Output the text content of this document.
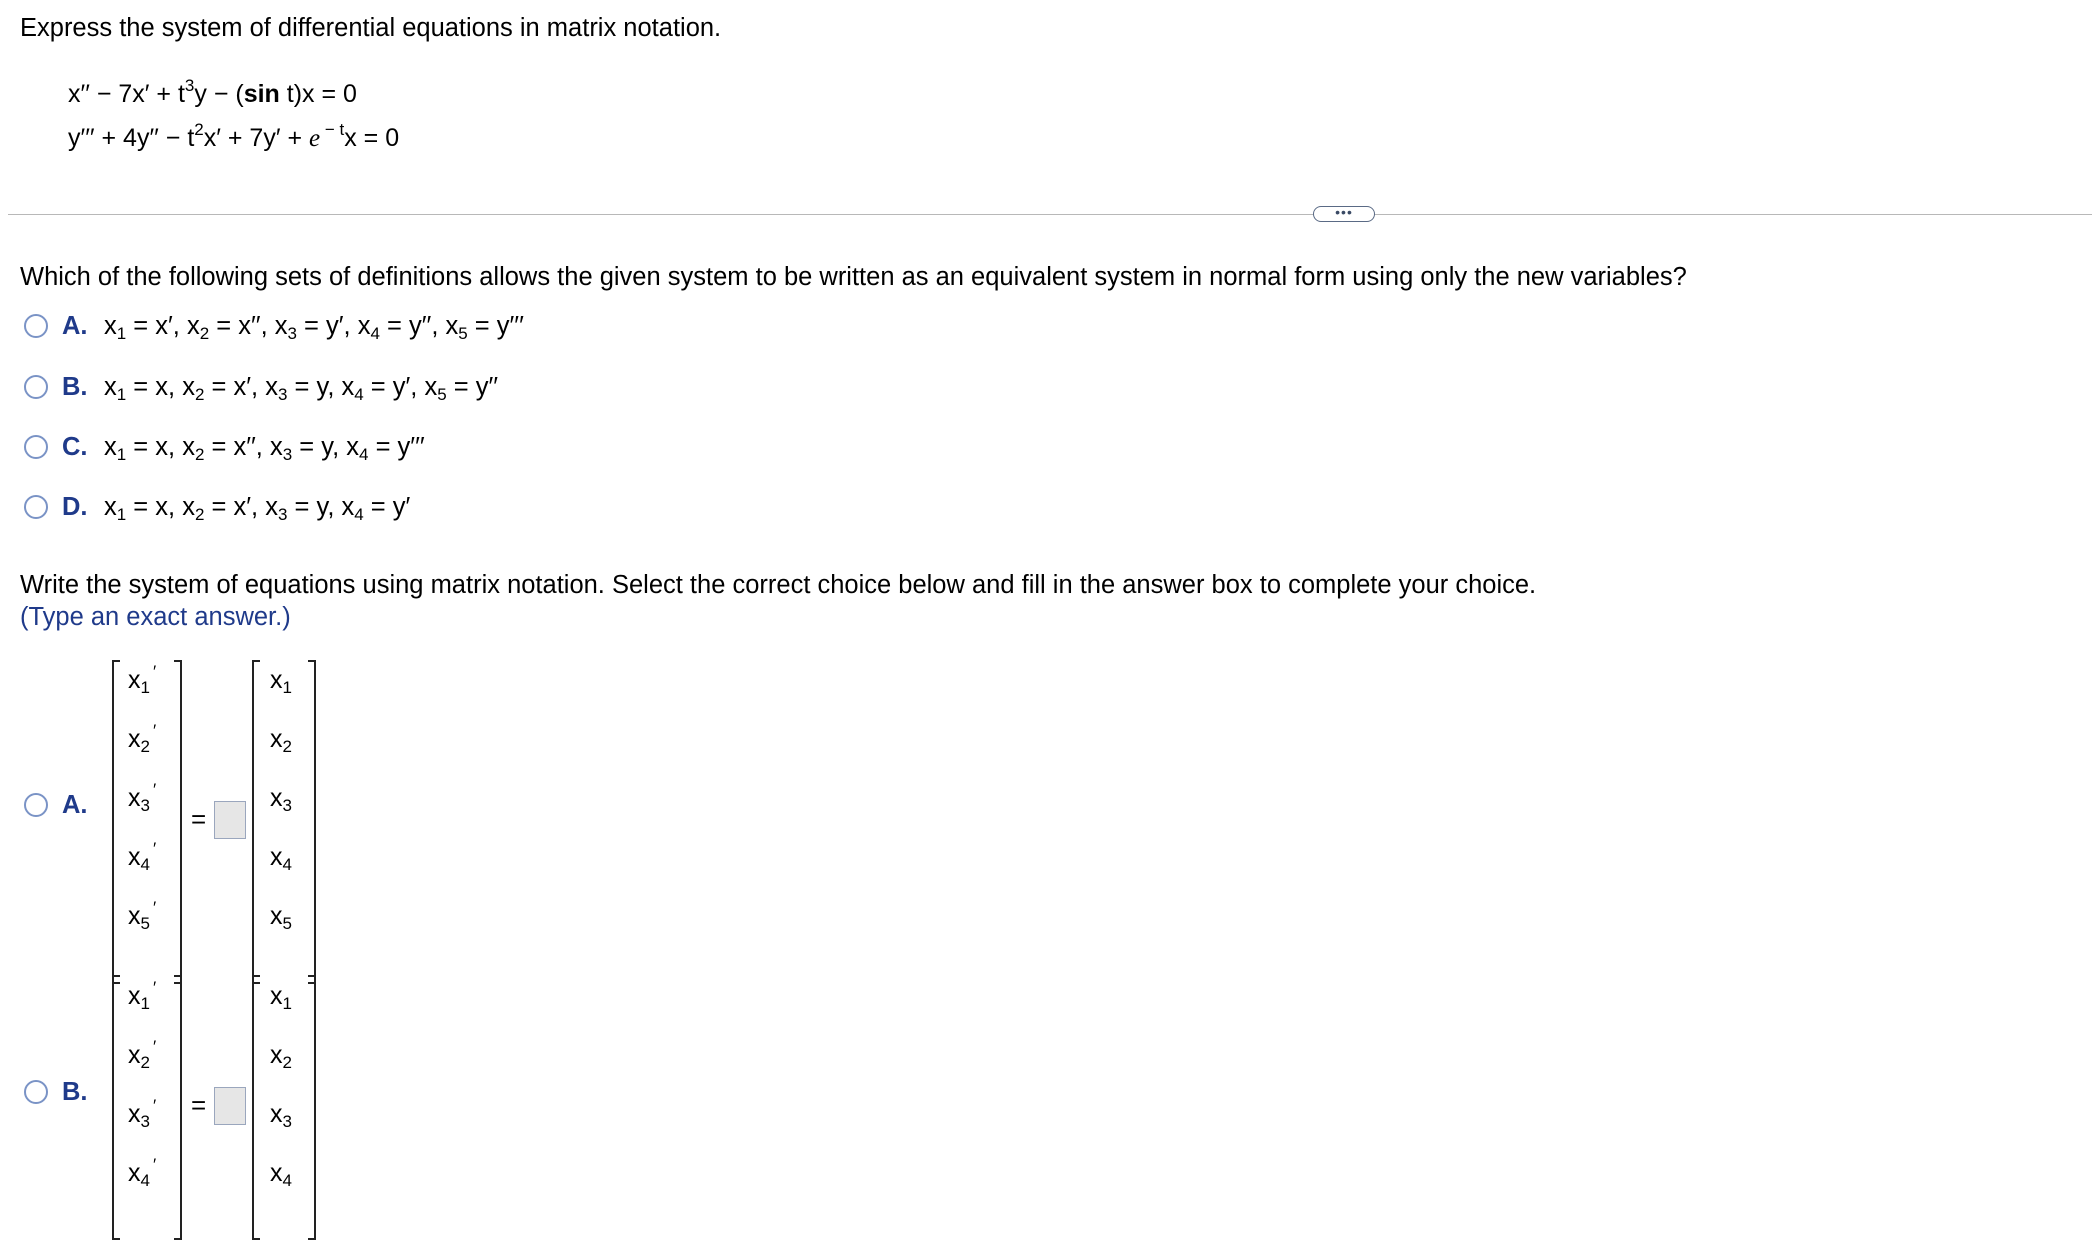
Express the system of differential equations in matrix notation.
$x'' - 7x' + t^3y - (\sin$ t)x = 0
$y''' + 4y'' - t^2x' + 7y' + e$ $^{- t}$x = 0
•••
Which of the following sets of definitions allows the given system to be written as an equivalent system in normal form using only the new variables?
A. $x_1 = x'$, $x_2 = x''$, $x_3 = y'$, $x_4 = y''$, $x_5 = y'''$
B. $x_1 = x$, $x_2 = x'$, $x_3 = y$, $x_4 = y'$, $x_5 = y''$
C. $x_1 = x$, $x_2 = x''$, $x_3 = y$, $x_4 = y'''$
D. $x_1 = x$, $x_2 = x'$, $x_3 = y$, $x_4 = y'$
Write the system of equations using matrix notation. Select the correct choice below and fill in the answer box to complete your choice.
(Type an exact answer.)
A.
$x_1'$
$x_2'$
$x_3'$
$x_4'$
$x_5'$
$x_1$
$x_2$
$x_3$
$x_4$
$x_5$
=
B.
$x_1'$
$x_2'$
$x_3'$
$x_4'$
$x_1$
$x_2$
$x_3$
$x_4$
=
